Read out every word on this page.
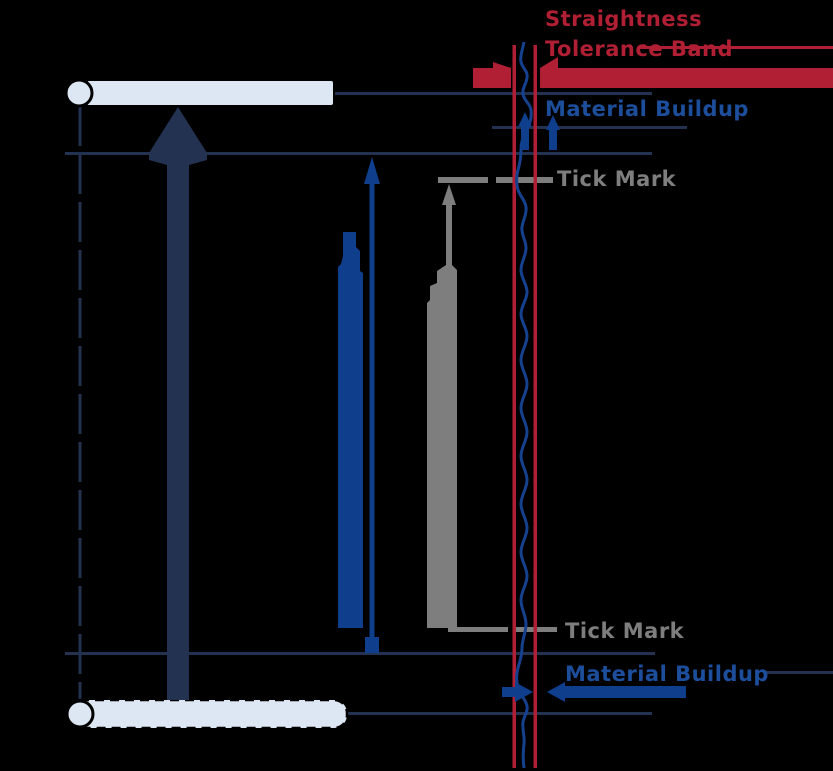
Straightness
Tolerance Band
Material Buildup
Tick Mark
Tick Mark
Material Buildup
